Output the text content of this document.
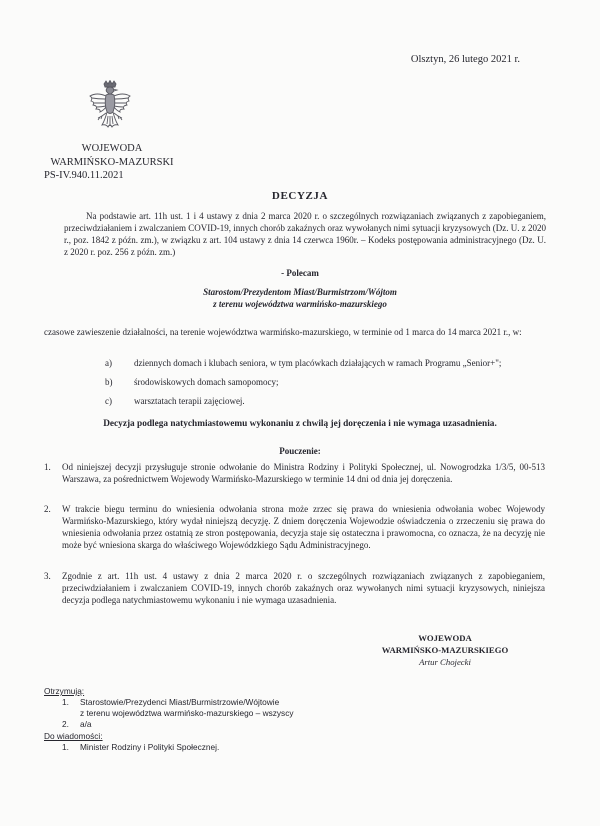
Olsztyn, 26 lutego 2021 r.
WOJEWODA
WARMIŃSKO-MAZURSKI
PS-IV.940.11.2021
DECYZJA
Na podstawie art. 11h ust. 1 i 4 ustawy z dnia 2 marca 2020 r. o szczególnych rozwiązaniach związanych z zapobieganiem, przeciwdziałaniem i zwalczaniem COVID-19, innych chorób zakaźnych oraz wywołanych nimi sytuacji kryzysowych (Dz. U. z 2020 r., poz. 1842 z późn. zm.), w związku z art. 104 ustawy z dnia 14 czerwca 1960r. – Kodeks postępowania administracyjnego (Dz. U. z 2020 r. poz. 256 z późn. zm.)
- Polecam
Starostom/Prezydentom Miast/Burmistrzom/Wójtom
z terenu województwa warmińsko-mazurskiego
czasowe zawieszenie działalności, na terenie województwa warmińsko-mazurskiego, w terminie od 1 marca do 14 marca 2021 r., w:
a) dziennych domach i klubach seniora, w tym placówkach działających w ramach Programu „Senior+";
b) środowiskowych domach samopomocy;
c) warsztatach terapii zajęciowej.
Decyzja podlega natychmiastowemu wykonaniu z chwilą jej doręczenia i nie wymaga uzasadnienia.
Pouczenie:
1. Od niniejszej decyzji przysługuje stronie odwołanie do Ministra Rodziny i Polityki Społecznej, ul. Nowogrodzka 1/3/5, 00-513 Warszawa, za pośrednictwem Wojewody Warmińsko-Mazurskiego w terminie 14 dni od dnia jej doręczenia.
2. W trakcie biegu terminu do wniesienia odwołania strona może zrzec się prawa do wniesienia odwołania wobec Wojewody Warmińsko-Mazurskiego, który wydał niniejszą decyzję. Z dniem doręczenia Wojewodzie oświadczenia o zrzeczeniu się prawa do wniesienia odwołania przez ostatnią ze stron postępowania, decyzja staje się ostateczna i prawomocna, co oznacza, że na decyzję nie może być wniesiona skarga do właściwego Wojewódzkiego Sądu Administracyjnego.
3. Zgodnie z art. 11h ust. 4 ustawy z dnia 2 marca 2020 r. o szczególnych rozwiązaniach związanych z zapobieganiem, przeciwdziałaniem i zwalczaniem COVID-19, innych chorób zakaźnych oraz wywołanych nimi sytuacji kryzysowych, niniejsza decyzja podlega natychmiastowemu wykonaniu i nie wymaga uzasadnienia.
WOJEWODA
WARMIŃSKO-MAZURSKIEGO
Artur Chojecki
Otrzymują:
1. Starostowie/Prezydenci Miast/Burmistrzowie/Wójtowie
z terenu województwa warmińsko-mazurskiego – wszyscy
2. a/a
Do wiadomości:
1. Minister Rodziny i Polityki Społecznej.
